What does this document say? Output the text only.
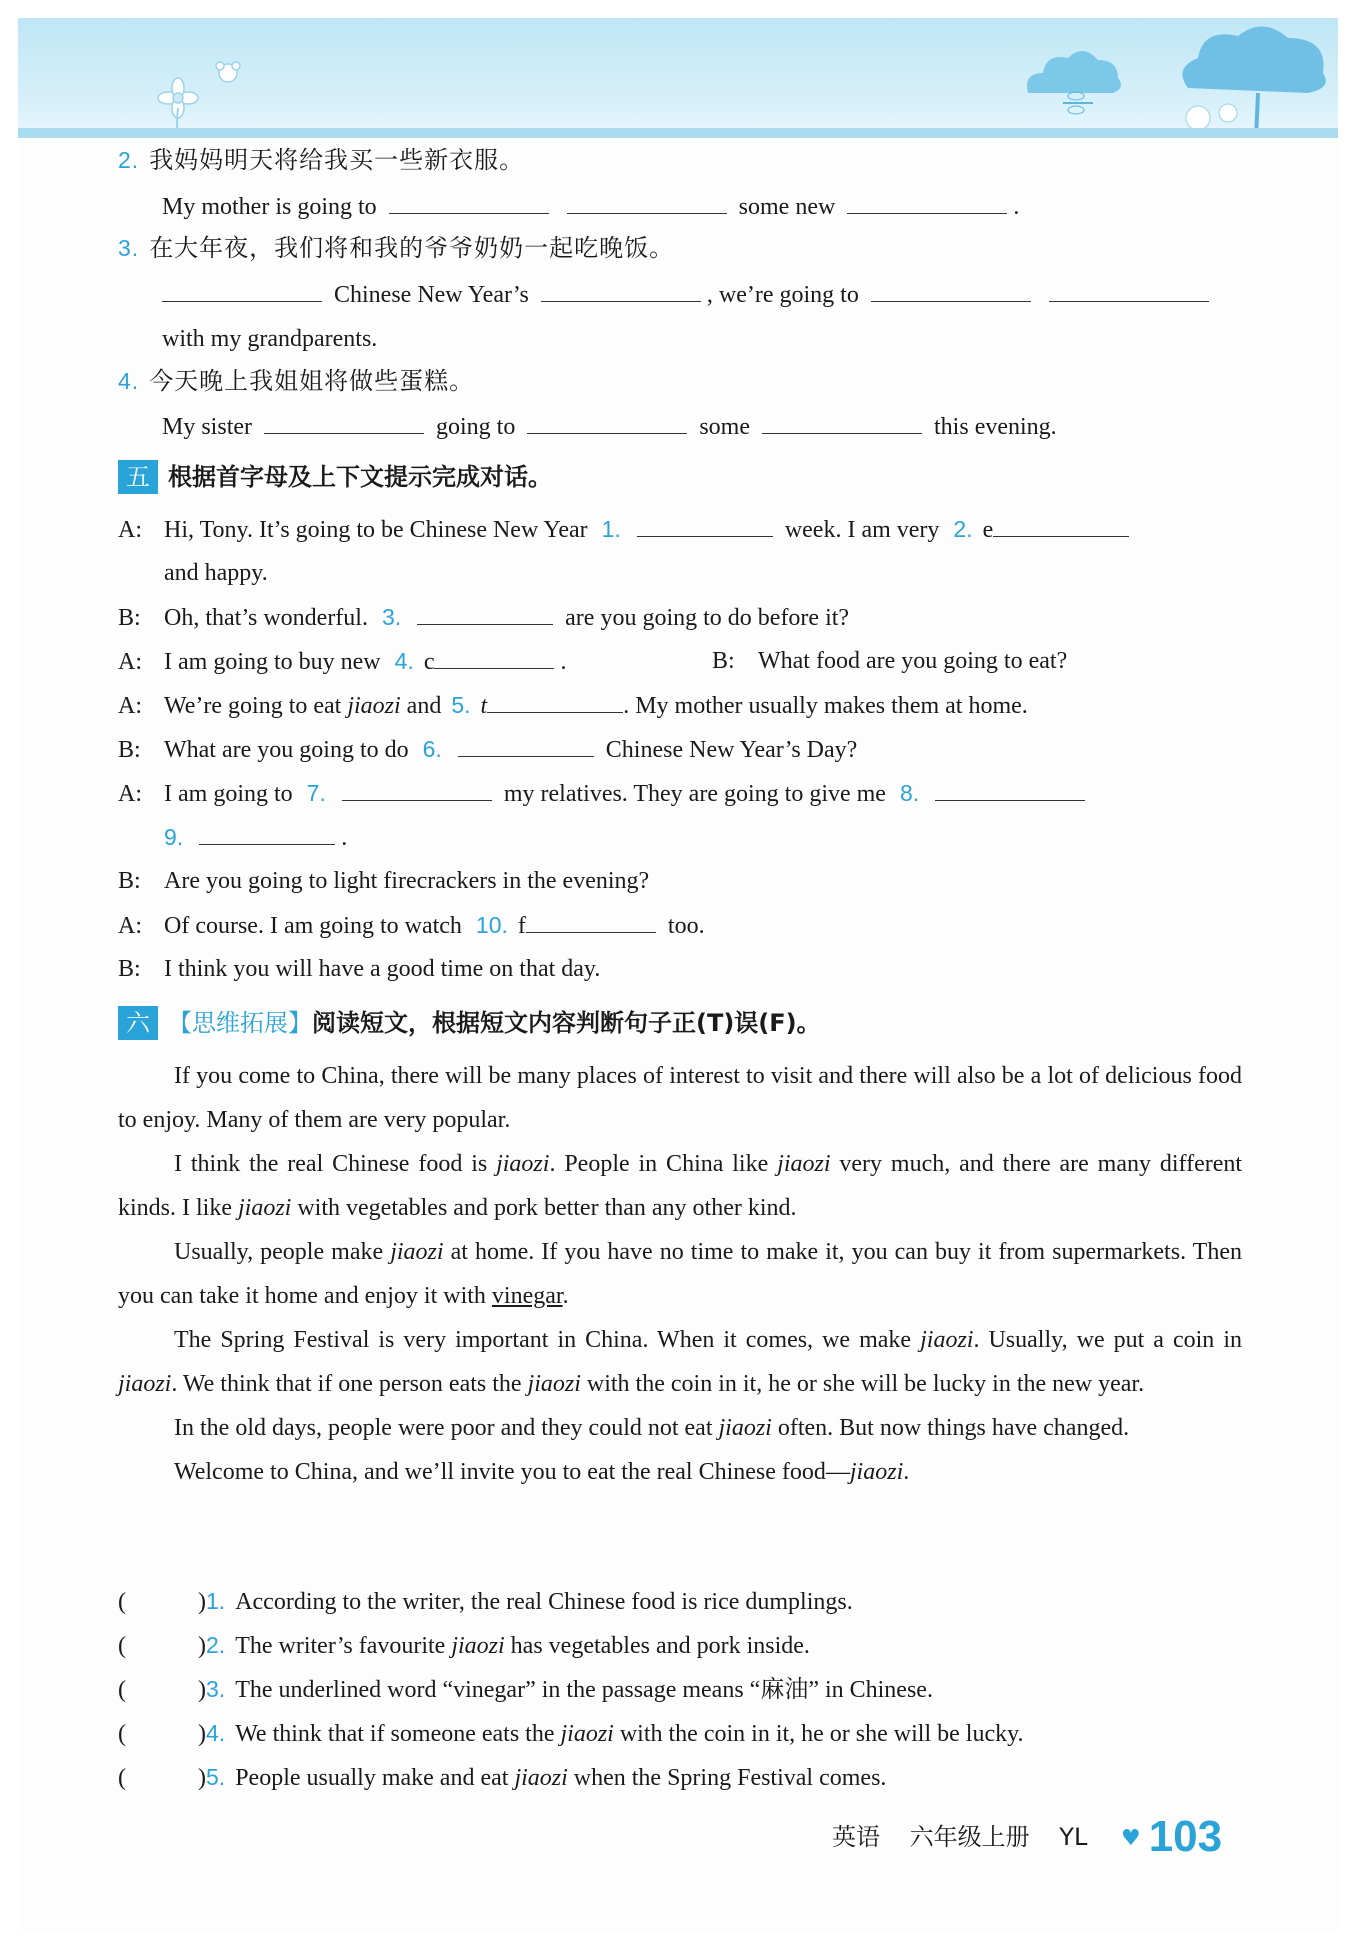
2. 我妈妈明天将给我买一些新衣服。
My mother is going to	some new	.
3. 在大年夜，我们将和我的爷爷奶奶一起吃晚饭。
Chinese New Year’s	, we’re going to
with my grandparents.
4. 今天晚上我姐姐将做些蛋糕。
My sister	going to	some	this evening.
五 根据首字母及上下文提示完成对话。
A: Hi, Tony. It’s going to be Chinese New Year 1.	week. I am very 2. e
and happy.
B: Oh, that’s wonderful. 3.	are you going to do before it?
A: I am going to buy new 4. c	.	B: What food are you going to eat?
A: We’re going to eat jiaozi and 5. t	. My mother usually makes them at home.
B: What are you going to do 6.	Chinese New Year’s Day?
A: I am going to 7.	my relatives. They are going to give me 8.
9.	.
B: Are you going to light firecrackers in the evening?
A: Of course. I am going to watch 10. f	too.
B: I think you will have a good time on that day.
六 【思维拓展】阅读短文，根据短文内容判断句子正(T)误(F)。

If you come to China, there will be many places of interest to visit and there will also be a lot of delicious food to enjoy. Many of them are very popular.

I think the real Chinese food is jiaozi. People in China like jiaozi very much, and there are many different kinds. I like jiaozi with vegetables and pork better than any other kind.

Usually, people make jiaozi at home. If you have no time to make it, you can buy it from supermarkets. Then you can take it home and enjoy it with vinegar.

The Spring Festival is very important in China. When it comes, we make jiaozi. Usually, we put a coin in jiaozi. We think that if one person eats the jiaozi with the coin in it, he or she will be lucky in the new year.

In the old days, people were poor and they could not eat jiaozi often. But now things have changed.

Welcome to China, and we’ll invite you to eat the real Chinese food—jiaozi.

(	)1. According to the writer, the real Chinese food is rice dumplings.
(	)2. The writer’s favourite jiaozi has vegetables and pork inside.
(	)3. The underlined word “vinegar” in the passage means “麻油” in Chinese.
(	)4. We think that if someone eats the jiaozi with the coin in it, he or she will be lucky.
(	)5. People usually make and eat jiaozi when the Spring Festival comes.
英语 六年级上册 YL ♥ 103
